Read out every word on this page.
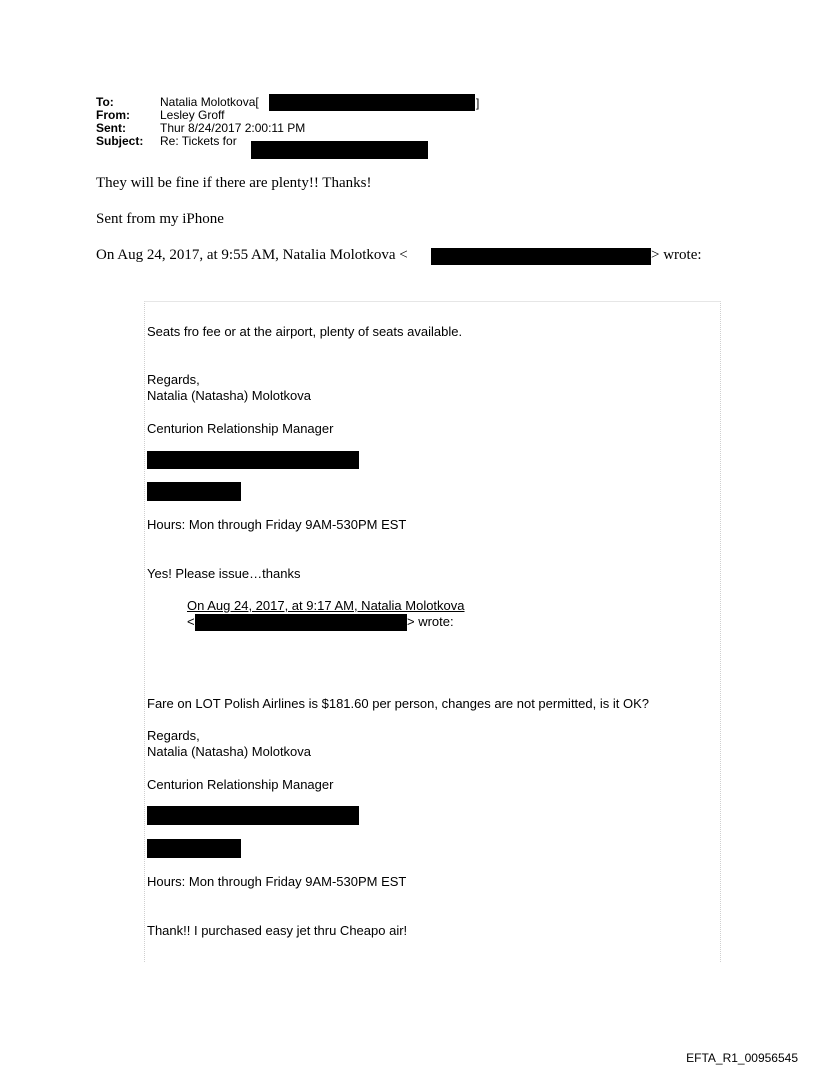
To:	Natalia Molotkova[
From:	Lesley Groff
Sent:	Thur 8/24/2017 2:00:11 PM
Subject: Re: Tickets for
]
They will be fine if there are plenty!! Thanks!
Sent from my iPhone
On Aug 24, 2017, at 9:55 AM, Natalia Molotkova <	> wrote:
Seats fro fee or at the airport, plenty of seats available.
Regards,
Natalia (Natasha) Molotkova
Centurion Relationship Manager
Hours: Mon through Friday 9AM-530PM EST
Yes! Please issue…thanks
On Aug 24, 2017, at 9:17 AM, Natalia Molotkova
<	> wrote:
Fare on LOT Polish Airlines is $181.60 per person, changes are not permitted, is it OK?
Regards,
Natalia (Natasha) Molotkova
Centurion Relationship Manager
Hours: Mon through Friday 9AM-530PM EST
Thank!! I purchased easy jet thru Cheapo air!
EFTA_R1_00956545
